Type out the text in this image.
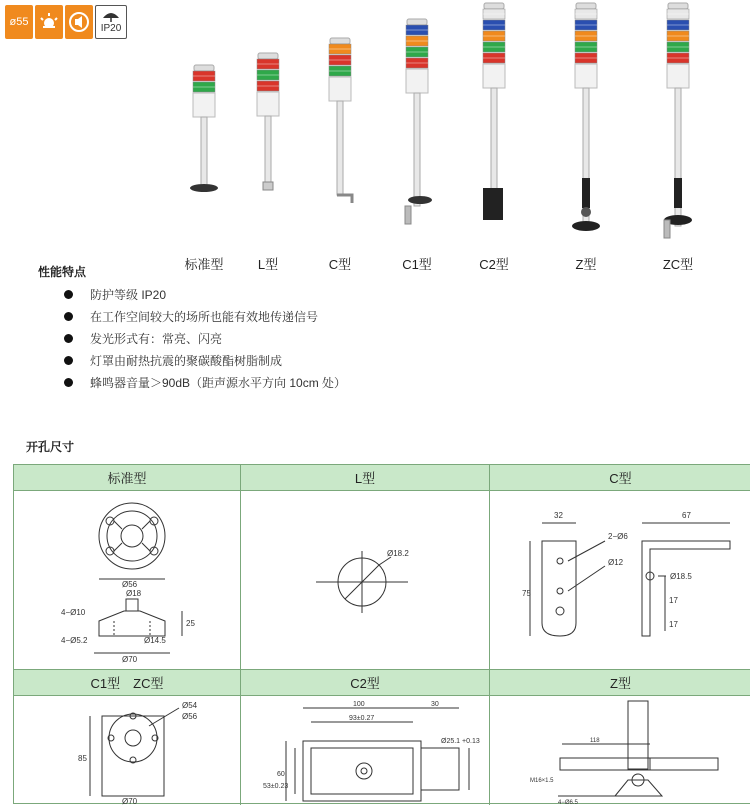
ø55	IP20
标准型	L型	C型	C1型	C2型	Z型	ZC型
性能特点
防护等级 IP20
在工作空间较大的场所也能有效地传递信号
发光形式有：常亮、闪亮
灯罩由耐热抗震的聚碳酸酯树脂制成
蜂鸣器音量＞90dB（距声源水平方向 10cm 处）
开孔尺寸
标准型	L型	C型
C1型　ZC型	C2型	Z型
Ø56
Ø18
4−Ø10
4−Ø5.2	Ø14.5
Ø70
25
Ø18.2
32
2−Ø6
Ø12
75
67
Ø18.5
17
17
Ø54
Ø56
85
Ø70
100	30
93±0.27
60
53±0.23
Ø25.1 +0.13	118
M16×1.5
4−Ø6.5
